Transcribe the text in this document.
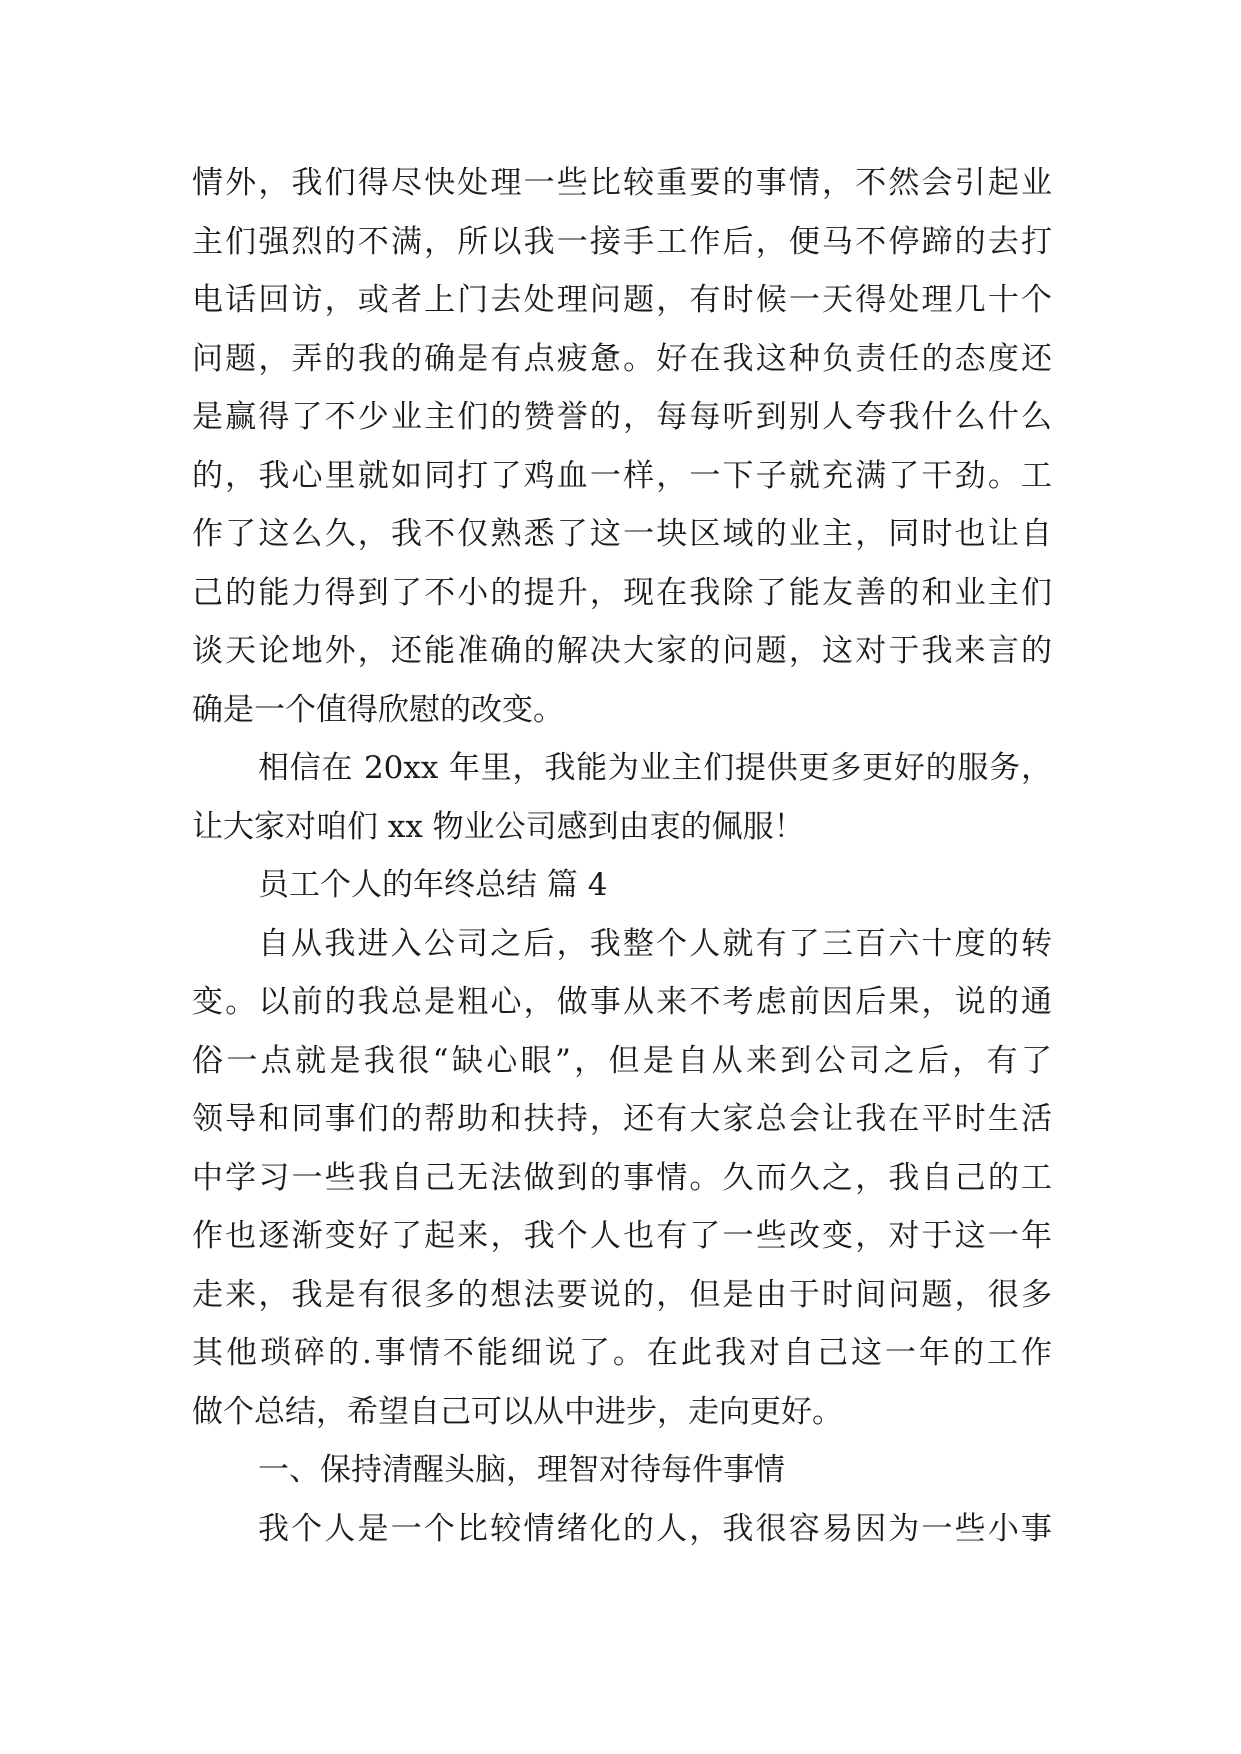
情外，我们得尽快处理一些比较重要的事情，不然会引起业
主们强烈的不满，所以我一接手工作后，便马不停蹄的去打
电话回访，或者上门去处理问题，有时候一天得处理几十个
问题，弄的我的确是有点疲惫。好在我这种负责任的态度还
是赢得了不少业主们的赞誉的，每每听到别人夸我什么什么
的，我心里就如同打了鸡血一样，一下子就充满了干劲。工
作了这么久，我不仅熟悉了这一块区域的业主，同时也让自
己的能力得到了不小的提升，现在我除了能友善的和业主们
谈天论地外，还能准确的解决大家的问题，这对于我来言的
确是一个值得欣慰的改变。
相信在 20xx 年里，我能为业主们提供更多更好的服务，
让大家对咱们 xx 物业公司感到由衷的佩服！
员工个人的年终总结 篇 4
自从我进入公司之后，我整个人就有了三百六十度的转
变。以前的我总是粗心，做事从来不考虑前因后果，说的通
俗一点就是我很“缺心眼”，但是自从来到公司之后，有了
领导和同事们的帮助和扶持，还有大家总会让我在平时生活
中学习一些我自己无法做到的事情。久而久之，我自己的工
作也逐渐变好了起来，我个人也有了一些改变，对于这一年
走来，我是有很多的想法要说的，但是由于时间问题，很多
其他琐碎的.事情不能细说了。在此我对自己这一年的工作
做个总结，希望自己可以从中进步，走向更好。
一、保持清醒头脑，理智对待每件事情
我个人是一个比较情绪化的人，我很容易因为一些小事
